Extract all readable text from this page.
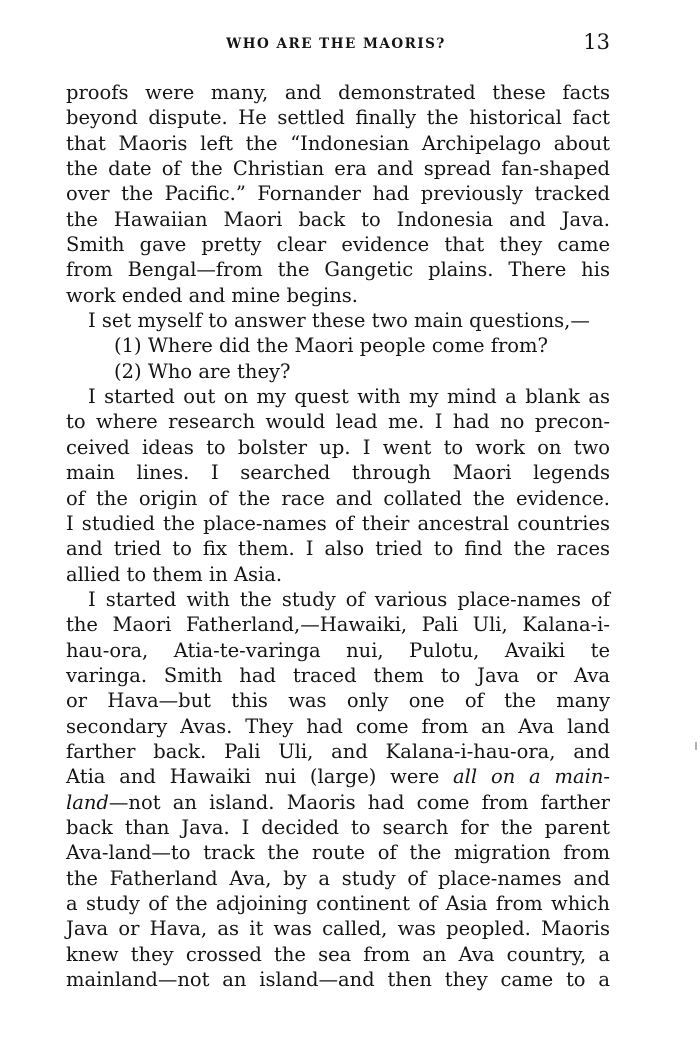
WHO ARE THE MAORIS?	13
proofs were many, and demonstrated these facts
beyond dispute. He settled finally the historical fact
that Maoris left the “Indonesian Archipelago about
the date of the Christian era and spread fan-shaped
over the Pacific.” Fornander had previously tracked
the Hawaiian Maori back to Indonesia and Java.
Smith gave pretty clear evidence that they came
from Bengal—from the Gangetic plains. There his
work ended and mine begins.
I set myself to answer these two main questions,—
(1) Where did the Maori people come from?
(2) Who are they?
I started out on my quest with my mind a blank as
to where research would lead me. I had no precon-
ceived ideas to bolster up. I went to work on two
main lines. I searched through Maori legends
of the origin of the race and collated the evidence.
I studied the place-names of their ancestral countries
and tried to fix them. I also tried to find the races
allied to them in Asia.
I started with the study of various place-names of
the Maori Fatherland,—Hawaiki, Pali Uli, Kalana-i-
hau-ora, Atia-te-varinga nui, Pulotu, Avaiki te
varinga. Smith had traced them to Java or Ava
or Hava—but this was only one of the many
secondary Avas. They had come from an Ava land
farther back. Pali Uli, and Kalana-i-hau-ora, and
Atia and Hawaiki nui (large) were all on a main-
land—not an island. Maoris had come from farther
back than Java. I decided to search for the parent
Ava-land—to track the route of the migration from
the Fatherland Ava, by a study of place-names and
a study of the adjoining continent of Asia from which
Java or Hava, as it was called, was peopled. Maoris
knew they crossed the sea from an Ava country, a
mainland—not an island—and then they came to a
